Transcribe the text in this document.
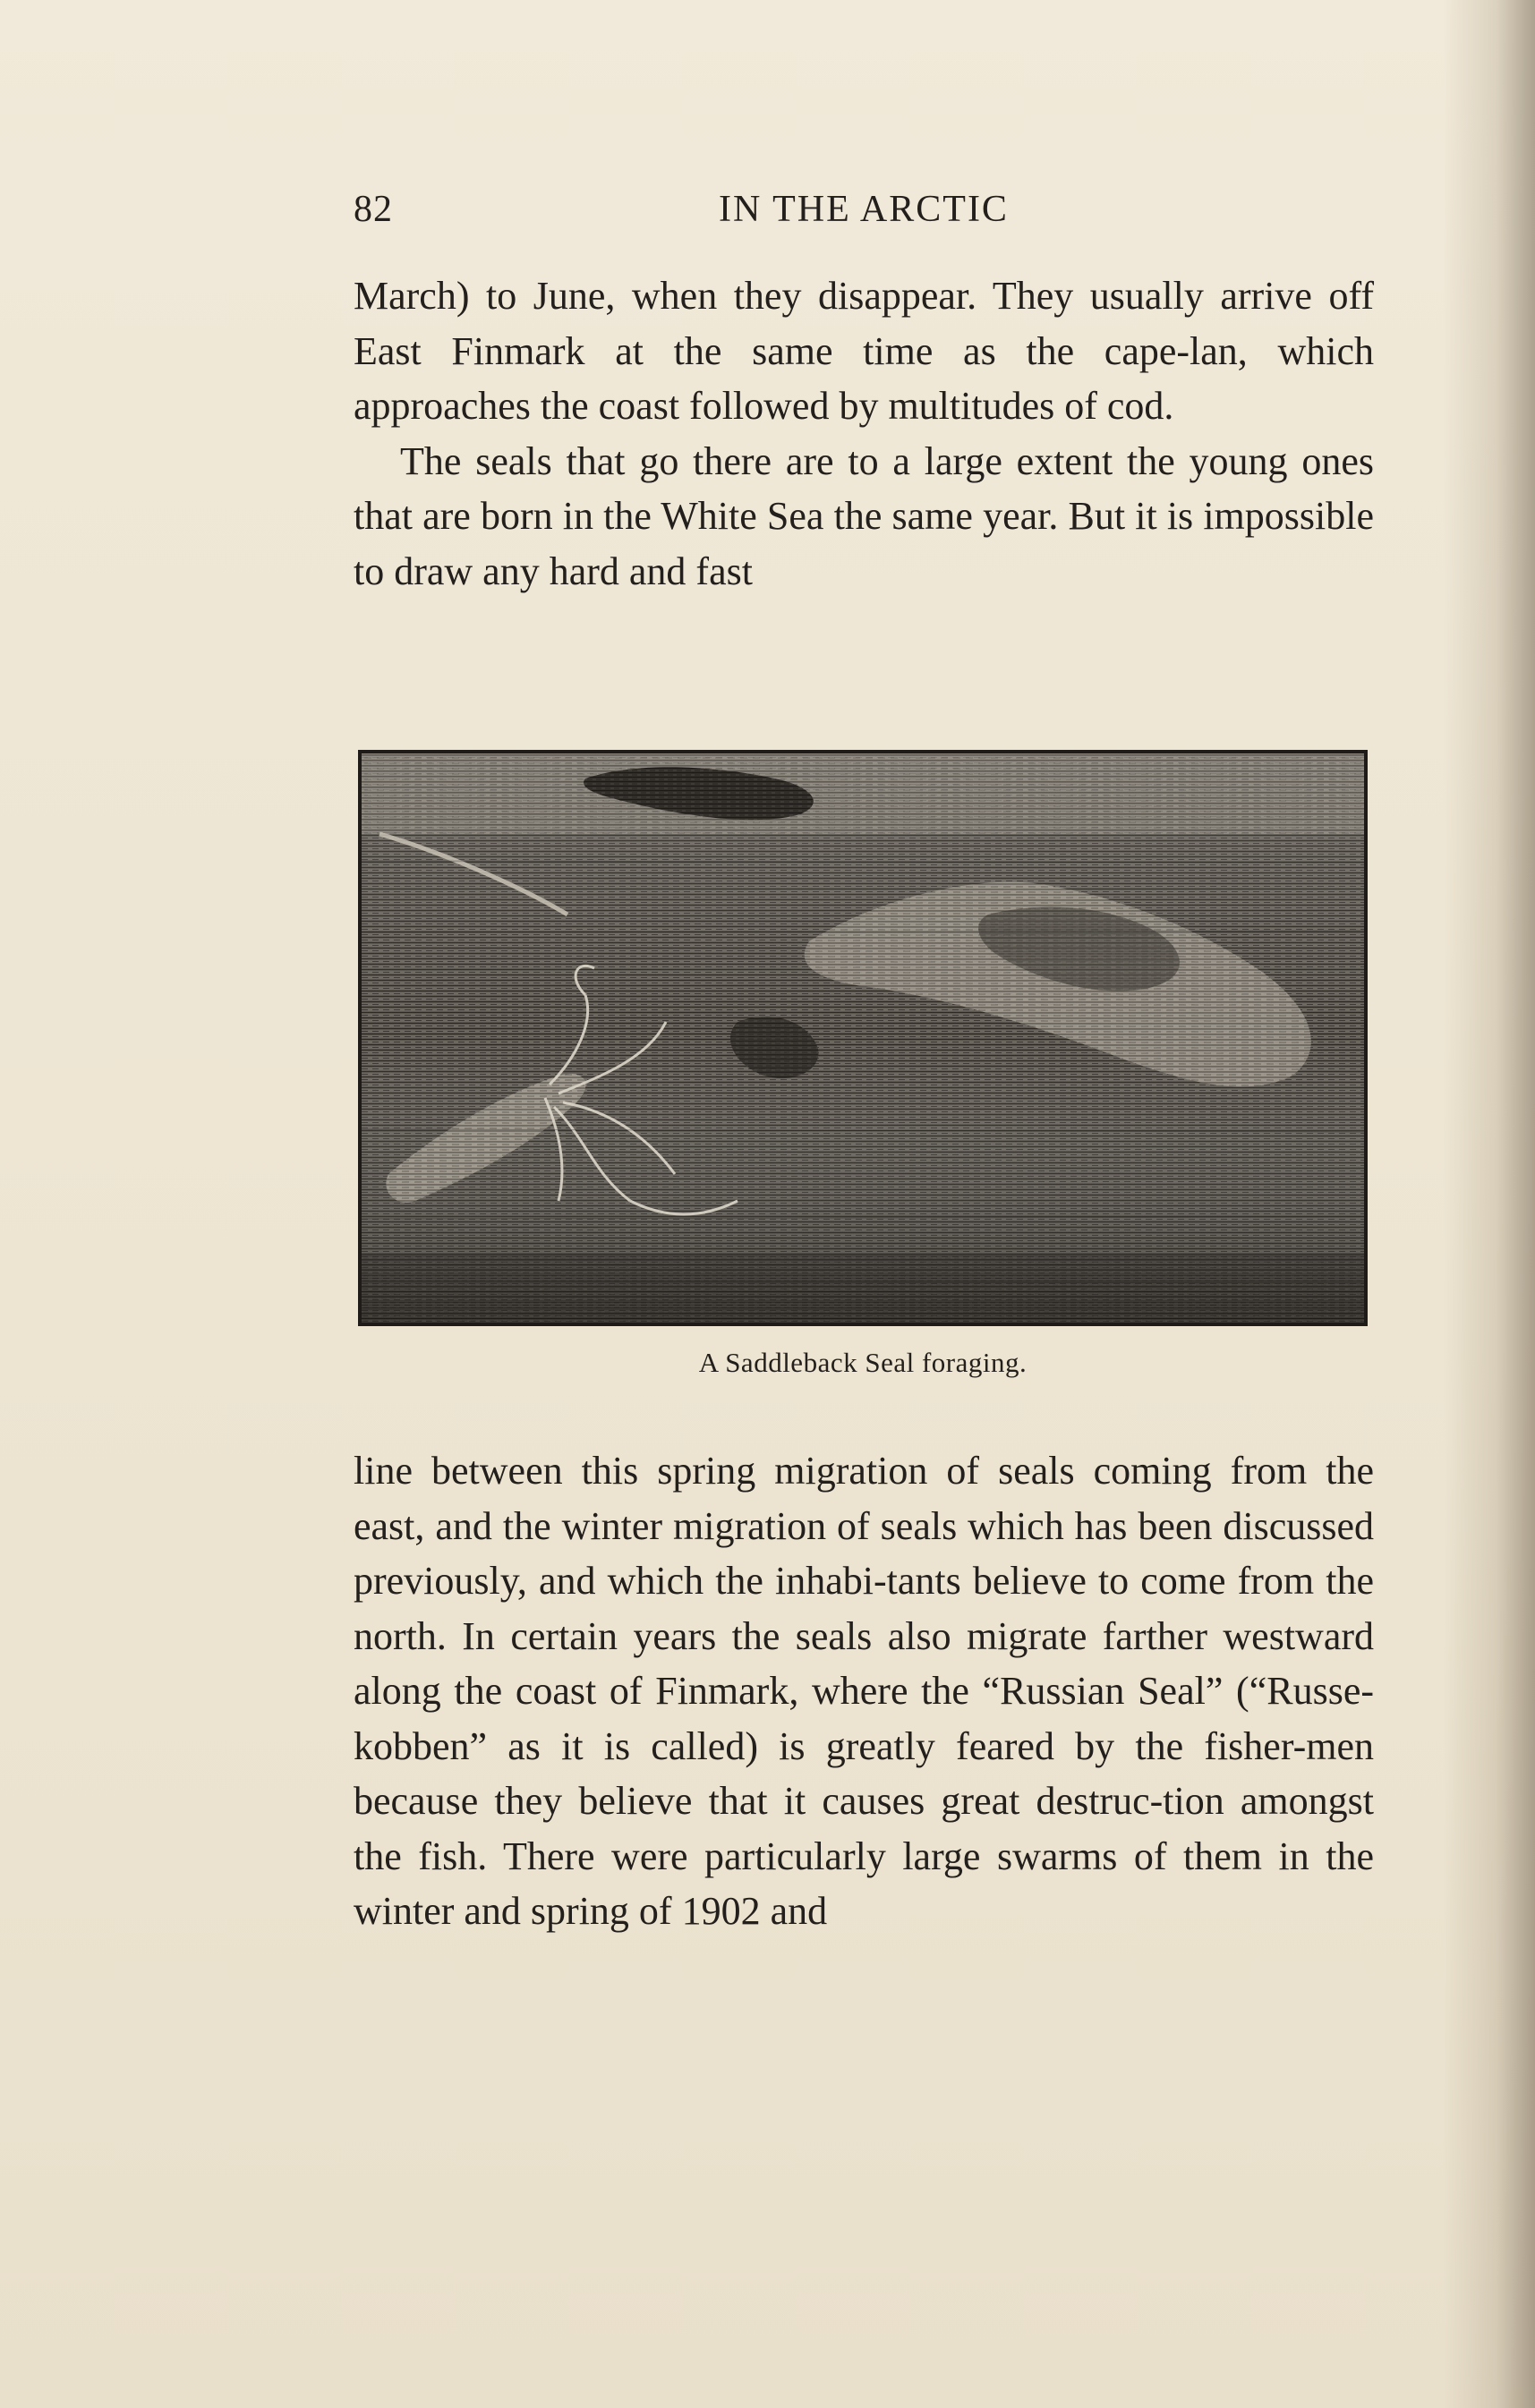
82	IN THE ARCTIC

March) to June, when they disappear. They usually arrive off East Finmark at the same time as the cape-lan, which approaches the coast followed by multitudes of cod.

The seals that go there are to a large extent the young ones that are born in the White Sea the same year. But it is impossible to draw any hard and fast

A Saddleback Seal foraging.

line between this spring migration of seals coming from the east, and the winter migration of seals which has been discussed previously, and which the inhabi-tants believe to come from the north. In certain years the seals also migrate farther westward along the coast of Finmark, where the “Russian Seal” (“Russe-kobben” as it is called) is greatly feared by the fisher-men because they believe that it causes great destruc-tion amongst the fish. There were particularly large swarms of them in the winter and spring of 1902 and
